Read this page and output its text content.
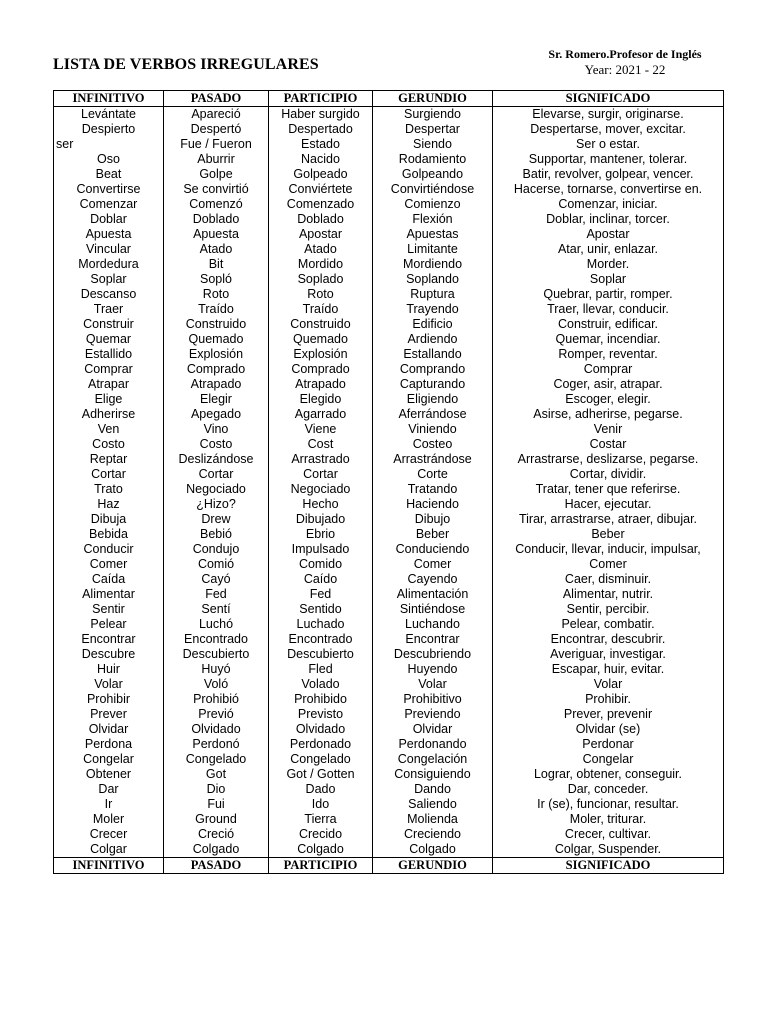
LISTA DE VERBOS IRREGULARES
Sr. Romero.Profesor de Inglés
Year: 2021 - 22
INFINITIVO	PASADO	PARTICIPIO	GERUNDIO	SIGNIFICADO
Levántate	Apareció	Haber surgido	Surgiendo	Elevarse, surgir, originarse.
Despierto	Despertó	Despertado	Despertar	Despertarse, mover, excitar.
ser	Fue / Fueron	Estado	Siendo	Ser o estar.
Oso	Aburrir	Nacido	Rodamiento	Supportar, mantener, tolerar.
Beat	Golpe	Golpeado	Golpeando	Batir, revolver, golpear, vencer.
Convertirse	Se convirtió	Conviértete	Convirtiéndose	Hacerse, tornarse, convertirse en.
Comenzar	Comenzó	Comenzado	Comienzo	Comenzar, iniciar.
Doblar	Doblado	Doblado	Flexión	Doblar, inclinar, torcer.
Apuesta	Apuesta	Apostar	Apuestas	Apostar
Vincular	Atado	Atado	Limitante	Atar, unir, enlazar.
Mordedura	Bit	Mordido	Mordiendo	Morder.
Soplar	Sopló	Soplado	Soplando	Soplar
Descanso	Roto	Roto	Ruptura	Quebrar, partir, romper.
Traer	Traído	Traído	Trayendo	Traer, llevar, conducir.
Construir	Construido	Construido	Edificio	Construir, edificar.
Quemar	Quemado	Quemado	Ardiendo	Quemar, incendiar.
Estallido	Explosión	Explosión	Estallando	Romper, reventar.
Comprar	Comprado	Comprado	Comprando	Comprar
Atrapar	Atrapado	Atrapado	Capturando	Coger, asir, atrapar.
Elige	Elegir	Elegido	Eligiendo	Escoger, elegir.
Adherirse	Apegado	Agarrado	Aferrándose	Asirse, adherirse, pegarse.
Ven	Vino	Viene	Viniendo	Venir
Costo	Costo	Cost	Costeo	Costar
Reptar	Deslizándose	Arrastrado	Arrastrándose	Arrastrarse, deslizarse, pegarse.
Cortar	Cortar	Cortar	Corte	Cortar, dividir.
Trato	Negociado	Negociado	Tratando	Tratar, tener que referirse.
Haz	¿Hizo?	Hecho	Haciendo	Hacer, ejecutar.
Dibuja	Drew	Dibujado	Dibujo	Tirar, arrastrarse, atraer, dibujar.
Bebida	Bebió	Ebrio	Beber	Beber
Conducir	Condujo	Impulsado	Conduciendo	Conducir, llevar, inducir, impulsar,
Comer	Comió	Comido	Comer	Comer
Caída	Cayó	Caído	Cayendo	Caer, disminuir.
Alimentar	Fed	Fed	Alimentación	Alimentar, nutrir.
Sentir	Sentí	Sentido	Sintiéndose	Sentir, percibir.
Pelear	Luchó	Luchado	Luchando	Pelear, combatir.
Encontrar	Encontrado	Encontrado	Encontrar	Encontrar, descubrir.
Descubre	Descubierto	Descubierto	Descubriendo	Averiguar, investigar.
Huir	Huyó	Fled	Huyendo	Escapar, huir, evitar.
Volar	Voló	Volado	Volar	Volar
Prohibir	Prohibió	Prohibido	Prohibitivo	Prohibir.
Prever	Previó	Previsto	Previendo	Prever, prevenir
Olvidar	Olvidado	Olvidado	Olvidar	Olvidar (se)
Perdona	Perdonó	Perdonado	Perdonando	Perdonar
Congelar	Congelado	Congelado	Congelación	Congelar
Obtener	Got	Got / Gotten	Consiguiendo	Lograr, obtener, conseguir.
Dar	Dio	Dado	Dando	Dar, conceder.
Ir	Fui	Ido	Saliendo	Ir (se), funcionar, resultar.
Moler	Ground	Tierra	Molienda	Moler, triturar.
Crecer	Creció	Crecido	Creciendo	Crecer, cultivar.
Colgar	Colgado	Colgado	Colgado	Colgar, Suspender.
INFINITIVO	PASADO	PARTICIPIO	GERUNDIO	SIGNIFICADO
